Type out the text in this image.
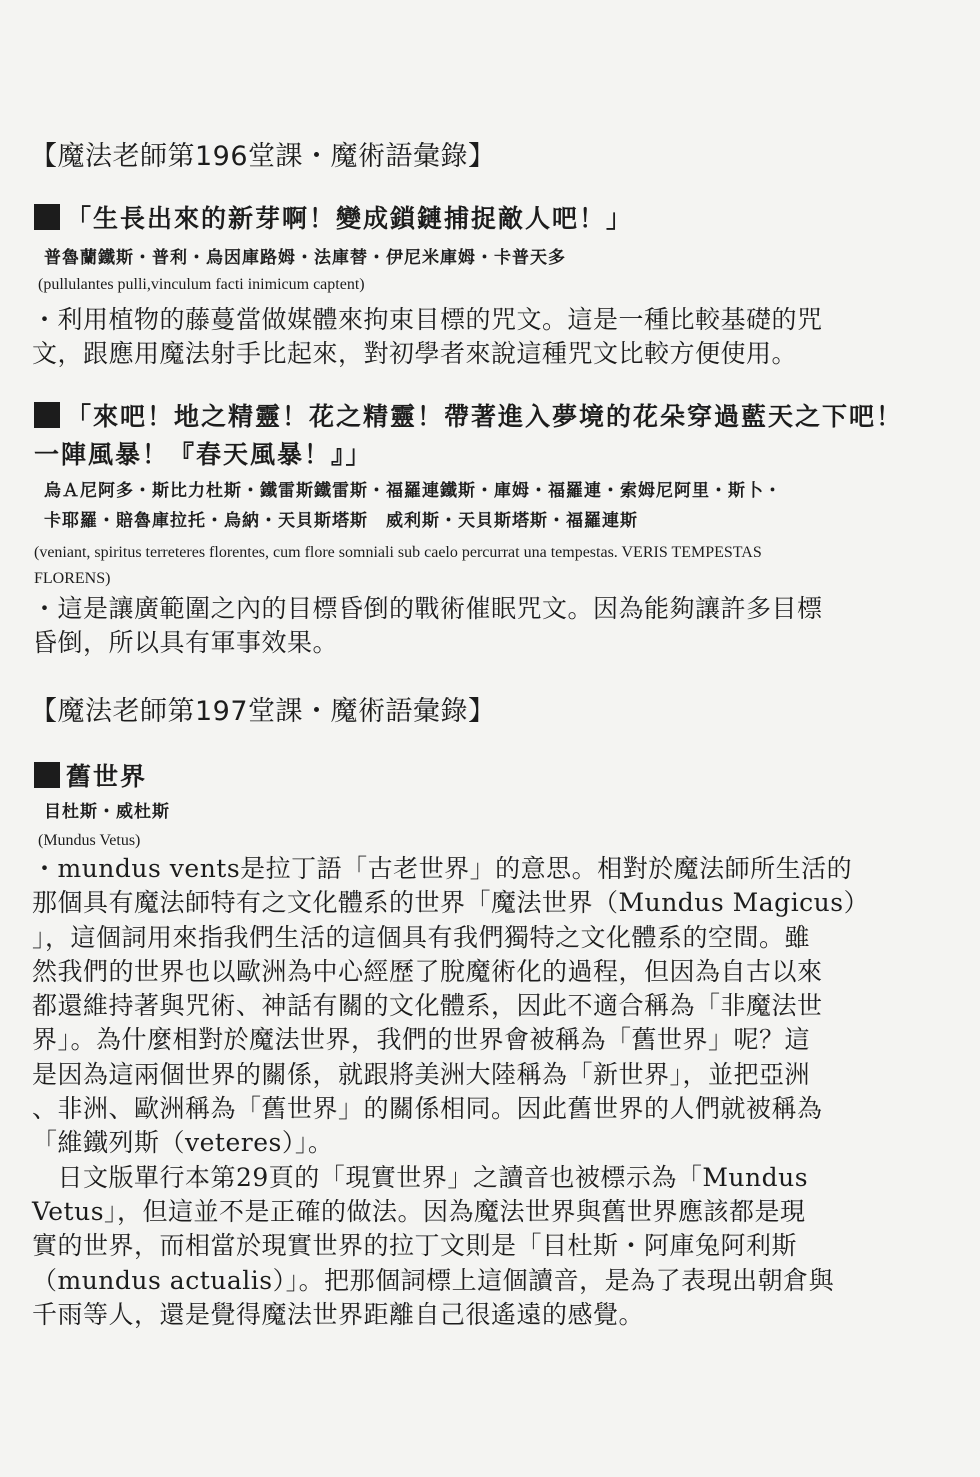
【魔法老師第196堂課・魔術語彙錄】
「生長出來的新芽啊！變成鎖鏈捕捉敵人吧！」
普魯蘭鐵斯・普利・烏因庫路姆・法庫替・伊尼米庫姆・卡普天多
(pullulantes pulli,vinculum facti inimicum captent)
・利用植物的藤蔓當做媒體來拘束目標的咒文。這是一種比較基礎的咒
文，跟應用魔法射手比起來，對初學者來說這種咒文比較方便使用。
「來吧！地之精靈！花之精靈！帶著進入夢境的花朵穿過藍天之下吧！
一陣風暴！『春天風暴！』」
烏Ａ尼阿多・斯比力杜斯・鐵雷斯鐵雷斯・福羅連鐵斯・庫姆・福羅連・索姆尼阿里・斯卜・
卡耶羅・賠魯庫拉托・烏納・天貝斯塔斯　威利斯・天貝斯塔斯・福羅連斯
(veniant, spiritus terreteres florentes, cum flore somniali sub caelo percurrat una tempestas. VERIS TEMPESTAS
FLORENS)
・這是讓廣範圍之內的目標昏倒的戰術催眠咒文。因為能夠讓許多目標
昏倒，所以具有軍事效果。
【魔法老師第197堂課・魔術語彙錄】
舊世界
目杜斯・威杜斯
(Mundus Vetus)
・mundus vents是拉丁語「古老世界」的意思。相對於魔法師所生活的
那個具有魔法師特有之文化體系的世界「魔法世界（Mundus Magicus）
」，這個詞用來指我們生活的這個具有我們獨特之文化體系的空間。雖
然我們的世界也以歐洲為中心經歷了脫魔術化的過程，但因為自古以來
都還維持著與咒術、神話有關的文化體系，因此不適合稱為「非魔法世
界」。為什麼相對於魔法世界，我們的世界會被稱為「舊世界」呢？這
是因為這兩個世界的關係，就跟將美洲大陸稱為「新世界」，並把亞洲
、非洲、歐洲稱為「舊世界」的關係相同。因此舊世界的人們就被稱為
「維鐵列斯（veteres）」。
　日文版單行本第29頁的「現實世界」之讀音也被標示為「Mundus
Vetus」，但這並不是正確的做法。因為魔法世界與舊世界應該都是現
實的世界，而相當於現實世界的拉丁文則是「目杜斯・阿庫兔阿利斯
（mundus actualis）」。把那個詞標上這個讀音，是為了表現出朝倉與
千雨等人，還是覺得魔法世界距離自己很遙遠的感覺。
